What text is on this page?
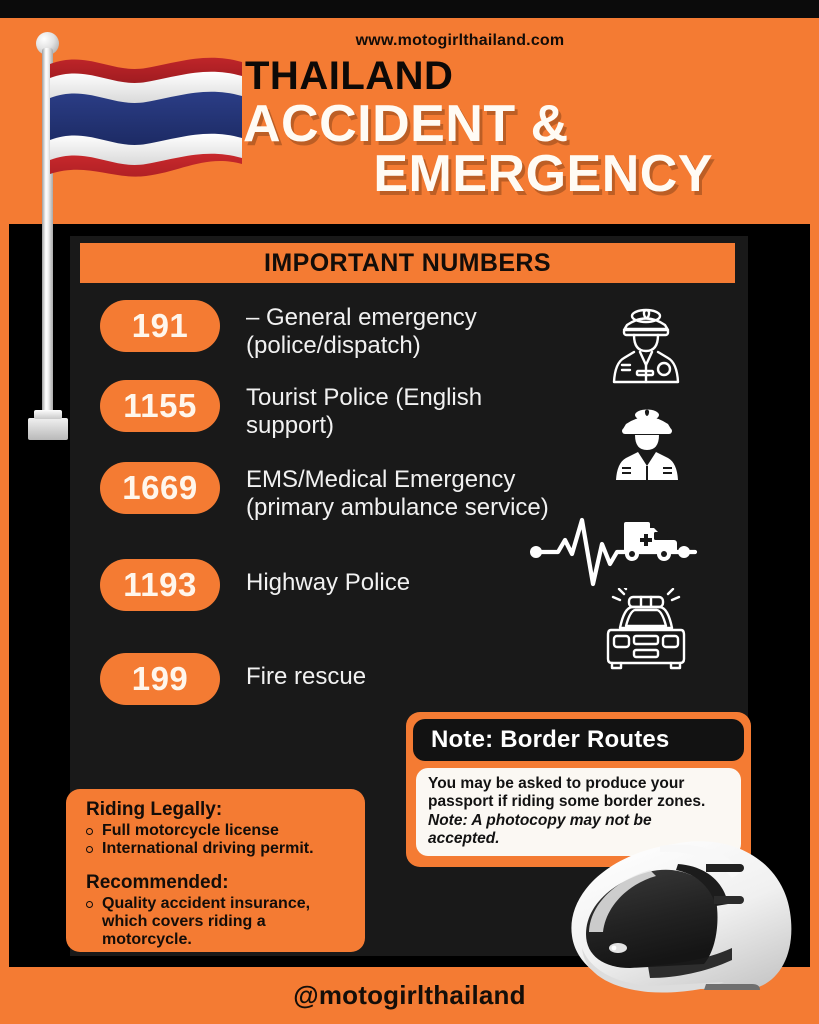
www.motogirlthailand.com
THAILAND
ACCIDENT &
EMERGENCY
IMPORTANT NUMBERS
191	– General emergency (police/dispatch)
1155	Tourist Police (English support)
1669	EMS/Medical Emergency (primary ambulance service)
1193	Highway Police
199	Fire rescue
Note: Border Routes

You may be asked to produce your

passport if riding some border zones.

Note: A photocopy may not be

accepted.

Riding Legally:
Full motorcycle license
International driving permit.
Recommended:
Quality accident insurance, which covers riding a motorcycle.
@motogirlthailand
